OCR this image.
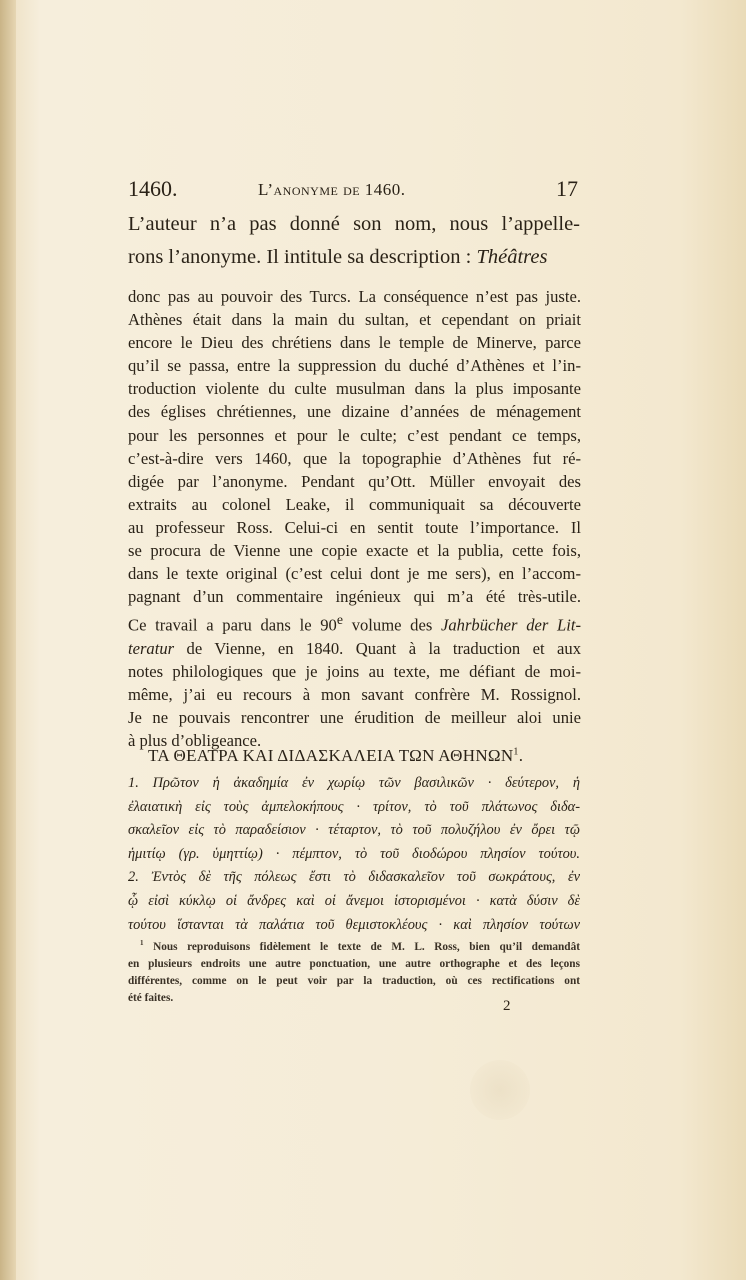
1460.	L’anonyme de 1460.	17
L’auteur n’a pas donné son nom, nous l’appelle-
rons l’anonyme. Il intitule sa description : Théâtres
donc pas au pouvoir des Turcs. La conséquence n’est pas juste.
Athènes était dans la main du sultan, et cependant on priait
encore le Dieu des chrétiens dans le temple de Minerve, parce
qu’il se passa, entre la suppression du duché d’Athènes et l’in-
troduction violente du culte musulman dans la plus imposante
des églises chrétiennes, une dizaine d’années de ménagement
pour les personnes et pour le culte; c’est pendant ce temps,
c’est-à-dire vers 1460, que la topographie d’Athènes fut ré-
digée par l’anonyme. Pendant qu’Ott. Müller envoyait des
extraits au colonel Leake, il communiquait sa découverte
au professeur Ross. Celui-ci en sentit toute l’importance. Il
se procura de Vienne une copie exacte et la publia, cette fois,
dans le texte original (c’est celui dont je me sers), en l’accom-
pagnant d’un commentaire ingénieux qui m’a été très-utile.
Ce travail a paru dans le 90e volume des Jahrbücher der Lit-
teratur de Vienne, en 1840. Quant à la traduction et aux
notes philologiques que je joins au texte, me défiant de moi-
même, j’ai eu recours à mon savant confrère M. Rossignol.
Je ne pouvais rencontrer une érudition de meilleur aloi unie
à plus d’obligeance.
ΤΑ ΘΕΑΤΡΑ ΚΑΙ ΔΙΔΑΣΚΑΛΕΙΑ ΤΩΝ ΑΘΗΝΩΝ$^1$.
1. Πρῶτον ἡ ἀκαδημία ἐν χωρίῳ τῶν βασιλικῶν · δεύτερον, ἡ
ἐλαιατικὴ εἰς τοὺς ἀμπελοκήπους · τρίτον, τὸ τοῦ πλάτωνος διδα-
σκαλεῖον εἰς τὸ παραδείσιον · τέταρτον, τὸ τοῦ πολυζήλου ἐν ὄρει τῷ
ἡμιτίῳ (γρ. ὑμηττίῳ) · πέμπτον, τὸ τοῦ διοδώρου πλησίον τούτου.
2. Ἐντὸς δὲ τῆς πόλεως ἔστι τὸ διδασκαλεῖον τοῦ σωκράτους, ἐν
ᾧ εἰσὶ κύκλῳ οἱ ἄνδρες καὶ οἱ ἄνεμοι ἱστορισμένοι · κατὰ δύσιν δὲ
τούτου ἵστανται τὰ παλάτια τοῦ θεμιστοκλέους · καὶ πλησίον τούτων
$^1$ Nous reproduisons fidèlement le texte de M. L. Ross, bien qu’il demandât
en plusieurs endroits une autre ponctuation, une autre orthographe et des leçons
différentes, comme on le peut voir par la traduction, où ces rectifications ont
été faites.
2
